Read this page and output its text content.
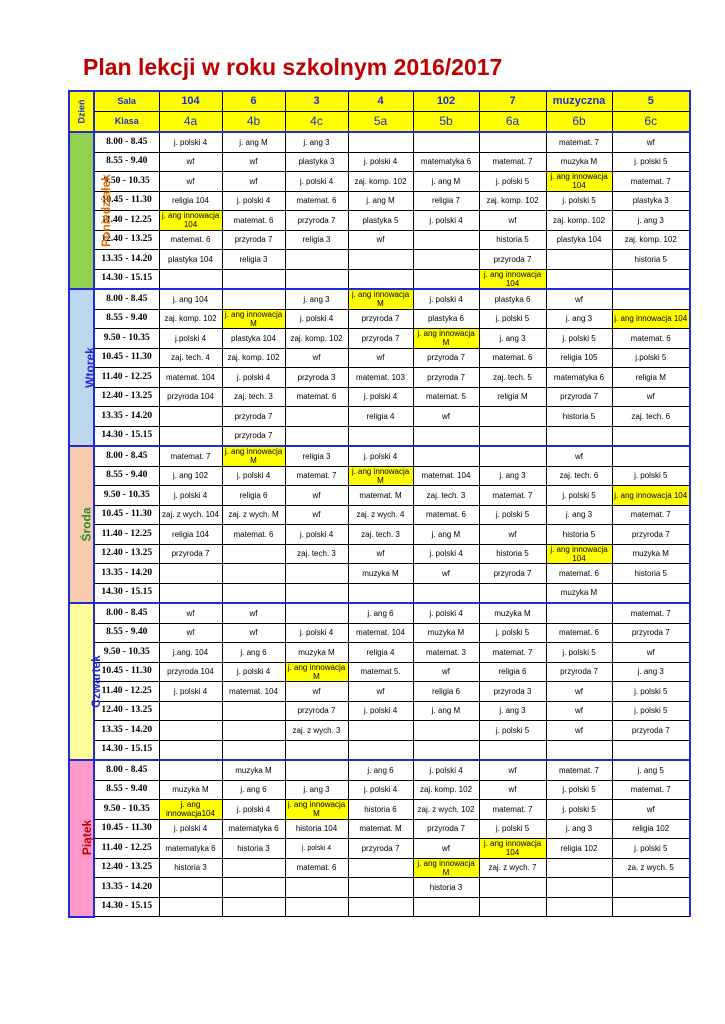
Plan lekcji w roku szkolnym 2016/2017
Dzień	Sala	104	6	3	4	102	7	muzyczna	5
	Klasa	4a	4b	4c	5a	5b	6a	6b	6c
Poniedziałek	8.00 - 8.45	j. polski 4	j. ang M	j. ang 3				matemat. 7	wf
	8.55 - 9.40	wf	wf	plastyka 3	j. polski 4	matematyka 6	matemat. 7	muzyka M	j. polski 5
	9.50 - 10.35	wf	wf	j. polski 4	zaj. komp. 102	j. ang M	j. polski 5	j. ang innowacja 104	matemat. 7
	10.45 - 11.30	religia 104	j. polski 4	matemat. 6	j. ang M	religia 7	zaj. komp. 102	j. polski 5	plastyka 3
	11.40 - 12.25	j. ang innowacja 104	matemat. 6	przyroda 7	plastyka 5	j. polski 4	wf	zaj. komp. 102	j. ang 3
	12.40 - 13.25	matemat. 6	przyroda 7	religia 3	wf		historia 5	plastyka 104	zaj. komp. 102
	13.35 - 14.20	plastyka 104	religia 3				przyroda 7		historia 5
	14.30 - 15.15						j. ang innowacja 104		
Wtorek	8.00 - 8.45	j. ang 104		j. ang 3	j. ang innowacja M	j. polski 4	plastyka 6	wf	
	8.55 - 9.40	zaj. komp. 102	j. ang innowacja M	j. polski 4	przyroda 7	plastyka 6	j. polski 5	j. ang 3	j. ang innowacja 104
	9.50 - 10.35	j.polski 4	plastyka 104	zaj. komp. 102	przyroda 7	j. ang innowacja M	j. ang 3	j. polski 5	matemat. 6
	10.45 - 11.30	zaj. tech. 4	zaj. komp. 102	wf	wf	przyroda 7	matemat. 6	religia 105	j.polski 5
	11.40 - 12.25	matemat. 104	j. polski 4	przyroda 3	matemat. 103	przyroda 7	zaj. tech. 5	matematyka 6	religia M
	12.40 - 13.25	przyroda 104	zaj. tech. 3	matemat. 6	j. polski 4	matemat. 5	religia M	przyroda 7	wf
	13.35 - 14.20		przyroda 7		religia 4	wf		historia 5	zaj. tech. 6
	14.30 - 15.15		przyroda 7						
Środa	8.00 - 8.45	matemat. 7	j. ang innowacja M	religia 3	j. polski 4			wf	
	8.55 - 9.40	j. ang 102	j. polski 4	matemat. 7	j. ang innowacja M	matemat. 104	j. ang 3	zaj. tech. 6	j. polski 5
	9.50 - 10.35	j. polski 4	religia 6	wf	matemat. M	zaj. tech. 3	matemat. 7	j. polski 5	j. ang innowacja 104
	10.45 - 11.30	zaj. z wych. 104	zaj. z wych. M	wf	zaj. z wych. 4	matemat. 6	j. polski 5	j. ang 3	matemat. 7
	11.40 - 12.25	religia 104	matemat. 6	j. polski 4	zaj. tech. 3	j. ang M	wf	historia 5	przyroda 7
	12.40 - 13.25	przyroda 7		zaj. tech. 3	wf	j. polski 4	historia 5	j. ang innowacja 104	muzyka M
	13.35 - 14.20				muzyka M	wf	przyroda 7	matemat. 6	historia 5
	14.30 - 15.15							muzyka M	
Czwartek	8.00 - 8.45	wf	wf		j. ang 6	j. polski 4	muzyka M		matemat. 7
	8.55 - 9.40	wf	wf	j. polski 4	matemat. 104	muzyka M	j. polski 5	matemat. 6	przyroda 7
	9.50 - 10.35	j.ang. 104	j. ang 6	muzyka M	religia 4	matemat. 3	matemat. 7	j. polski 5	wf
	10.45 - 11.30	przyroda 104	j. polski 4	j. ang innowacja M	matemat 5.	wf	religia 6	przyroda 7	j. ang 3
	11.40 - 12.25	j. polski 4	matemat. 104	wf	wf	religia 6	przyroda 3	wf	j. polski 5
	12.40 - 13.25			przyroda 7	j. polski 4	j. ang M	j. ang 3	wf	j. polski 5
	13.35 - 14.20			zaj. z wych. 3			j. polski 5	wf	przyroda 7
	14.30 - 15.15								
Piątek	8.00 - 8.45		muzyka M		j. ang 6	j. polski 4	wf	matemat. 7	j. ang 5
	8.55 - 9.40	muzyka M	j. ang 6	j. ang 3	j. polski 4	zaj. komp. 102	wf	j. polski 5	matemat. 7
	9.50 - 10.35	j. ang innowacja104	j. polski 4	j. ang innowacja M	historia 6	zaj. z wych. 102	matemat. 7	j. polski 5	wf
	10.45 - 11.30	j. polski 4	matematyka 6	historia 104	matemat. M	przyroda 7	j. polski 5	j. ang 3	religia 102
	11.40 - 12.25	matematyka 6	historia 3	j. polski 4	przyroda 7	wf	j. ang innowacja 104	religia 102	j. polski 5
	12.40 - 13.25	historia 3		matemat. 6		j. ang innowacja M	zaj. z wych. 7		za. z wych. 5
	13.35 - 14.20					historia 3			
	14.30 - 15.15								
